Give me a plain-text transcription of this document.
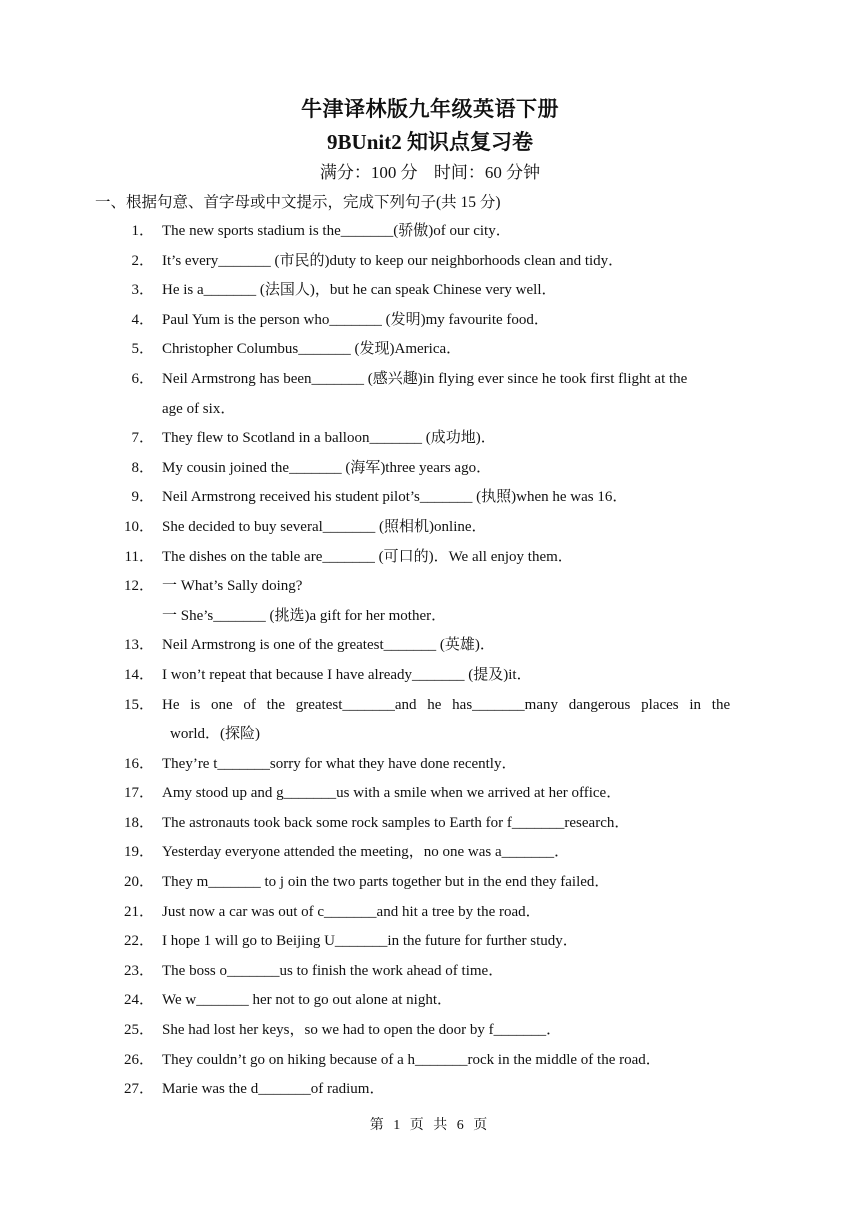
牛津译林版九年级英语下册
9BUnit2 知识点复习卷
满分：100 分 时间：60 分钟
一、根据句意、首字母或中文提示，完成下列句子(共 15 分)
1． The new sports stadium is the_______(骄傲)of our city．
2． It’s every_______ (市民的)duty to keep our neighborhoods clean and tidy．
3． He is a_______ (法国人)，but he can speak Chinese very well．
4． Paul Yum is the person who_______ (发明)my favourite food．
5． Christopher Columbus_______ (发现)America．
6． Neil Armstrong has been_______ (感兴趣)in flying ever since he took first flight at the
age of six．
7． They flew to Scotland in a balloon_______ (成功地)．
8． My cousin joined the_______ (海军)three years ago．
9． Neil Armstrong received his student pilot’s_______ (执照)when he was 16．
10． She decided to buy several_______ (照相机)online．
11． The dishes on the table are_______ (可口的)．We all enjoy them．
12． 一 What’s Sally doing?
一 She’s_______ (挑选)a gift for her mother．
13． Neil Armstrong is one of the greatest_______ (英雄)．
14． I won’t repeat that because I have already_______ (提及)it．
15． He is one of the greatest_______and he has_______many dangerous places in the
world．(探险)
16． They’re t_______sorry for what they have done recently．
17． Amy stood up and g_______us with a smile when we arrived at her office．
18． The astronauts took back some rock samples to Earth for f_______research．
19． Yesterday everyone attended the meeting，no one was a_______．
20． They m_______ to j oin the two parts together but in the end they failed．
21． Just now a car was out of c_______and hit a tree by the road．
22． I hope 1 will go to Beijing U_______in the future for further study．
23． The boss o_______us to finish the work ahead of time．
24． We w_______ her not to go out alone at night．
25． She had lost her keys，so we had to open the door by f_______．
26． They couldn’t go on hiking because of a h_______rock in the middle of the road．
27． Marie was the d_______of radium．
第 1 页 共 6 页
